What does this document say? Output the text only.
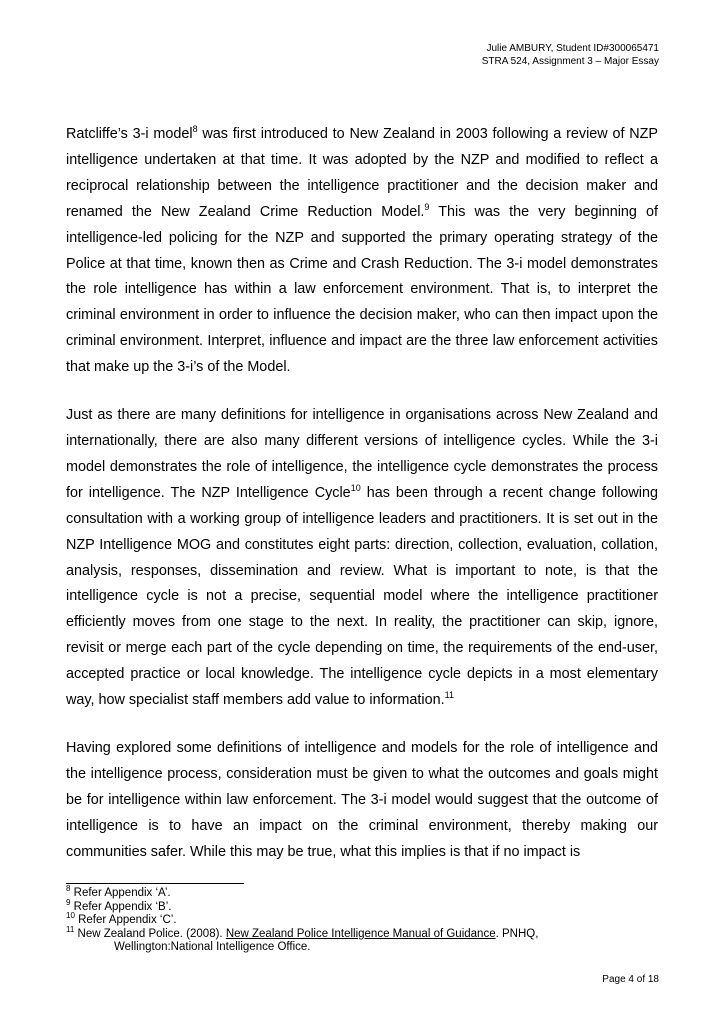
Julie AMBURY, Student ID#300065471
STRA 524, Assignment 3 – Major Essay

Ratcliffe’s 3-i model$^8$ was first introduced to New Zealand in 2003 following a review of NZP intelligence undertaken at that time. It was adopted by the NZP and modified to reflect a reciprocal relationship between the intelligence practitioner and the decision maker and renamed the New Zealand Crime Reduction Model.$^9$ This was the very beginning of intelligence-led policing for the NZP and supported the primary operating strategy of the Police at that time, known then as Crime and Crash Reduction. The 3-i model demonstrates the role intelligence has within a law enforcement environment. That is, to interpret the criminal environment in order to influence the decision maker, who can then impact upon the criminal environment. Interpret, influence and impact are the three law enforcement activities that make up the 3-i’s of the Model.

Just as there are many definitions for intelligence in organisations across New Zealand and internationally, there are also many different versions of intelligence cycles. While the 3-i model demonstrates the role of intelligence, the intelligence cycle demonstrates the process for intelligence. The NZP Intelligence Cycle$^{10}$ has been through a recent change following consultation with a working group of intelligence leaders and practitioners. It is set out in the NZP Intelligence MOG and constitutes eight parts: direction, collection, evaluation, collation, analysis, responses, dissemination and review. What is important to note, is that the intelligence cycle is not a precise, sequential model where the intelligence practitioner efficiently moves from one stage to the next. In reality, the practitioner can skip, ignore, revisit or merge each part of the cycle depending on time, the requirements of the end-user, accepted practice or local knowledge. The intelligence cycle depicts in a most elementary way, how specialist staff members add value to information.$^{11}$

Having explored some definitions of intelligence and models for the role of intelligence and the intelligence process, consideration must be given to what the outcomes and goals might be for intelligence within law enforcement. The 3-i model would suggest that the outcome of intelligence is to have an impact on the criminal environment, thereby making our communities safer. While this may be true, what this implies is that if no impact is

$^8$ Refer Appendix ‘A’.

$^9$ Refer Appendix ‘B’.

$^{10}$ Refer Appendix ‘C’.

$^{11}$ New Zealand Police. (2008). New Zealand Police Intelligence Manual of Guidance. PNHQ,

Wellington:National Intelligence Office.

Page 4 of 18
